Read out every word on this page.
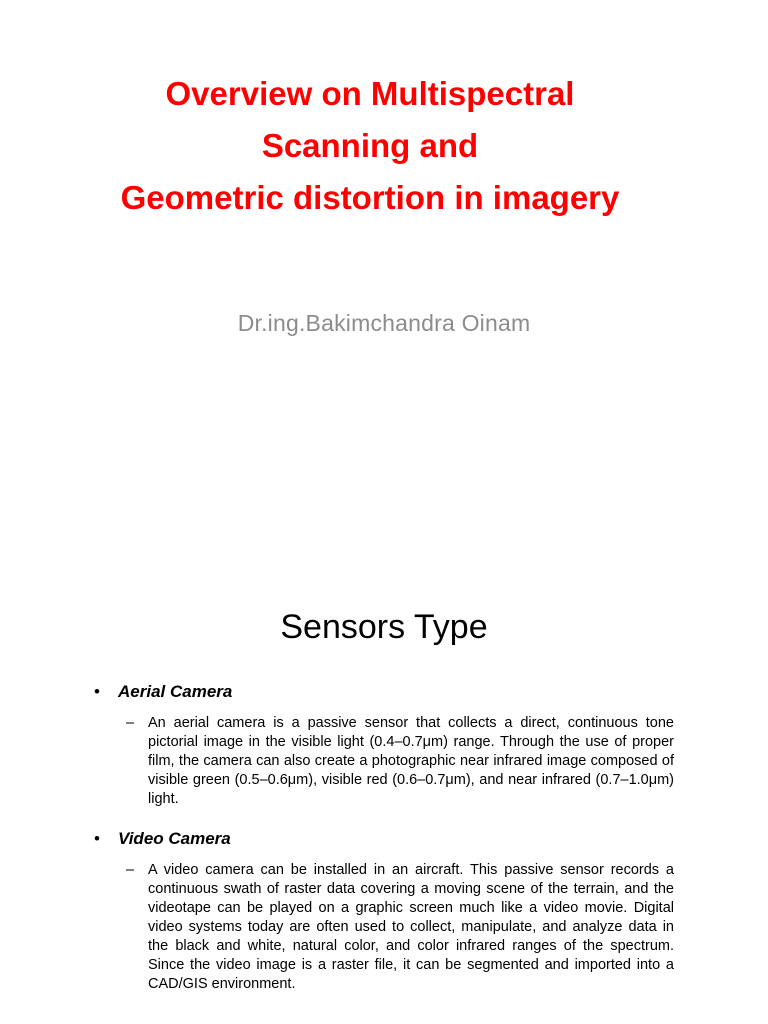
Overview on Multispectral
Scanning and
Geometric distortion in imagery
Dr.ing.Bakimchandra Oinam
Sensors Type
•	Aerial Camera
– An aerial camera is a passive sensor that collects a direct, continuous tone pictorial image in the visible light (0.4–0.7μm) range. Through the use of proper film, the camera can also create a photographic near infrared image composed of visible green (0.5–0.6μm), visible red (0.6–0.7μm), and near infrared (0.7–1.0μm) light.
•	Video Camera
– A video camera can be installed in an aircraft. This passive sensor records a continuous swath of raster data covering a moving scene of the terrain, and the videotape can be played on a graphic screen much like a video movie. Digital video systems today are often used to collect, manipulate, and analyze data in the black and white, natural color, and color infrared ranges of the spectrum. Since the video image is a raster file, it can be segmented and imported into a CAD/GIS environment.
